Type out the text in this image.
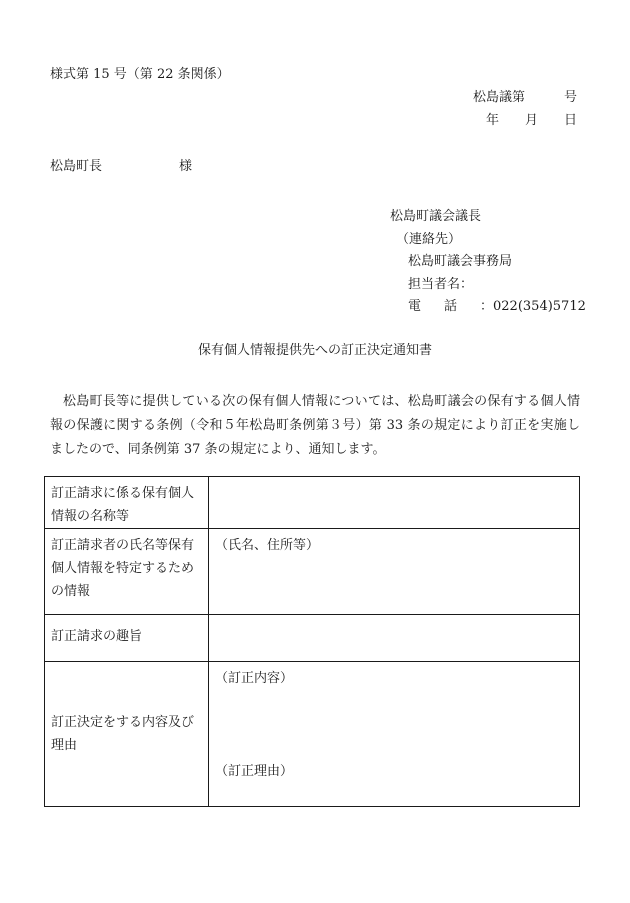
様式第 15 号（第 22 条関係）
松島議第　　　号
年　　月　　日
松島町長	様
松島町議会議長
（連絡先）
松島町議会事務局
担当者名：
電話：022(354)5712
保有個人情報提供先への訂正決定通知書
松島町長等に提供している次の保有個人情報については、松島町議会の保有する個人情報の保護に関する条例（令和５年松島町条例第３号）第 33 条の規定により訂正を実施しましたので、同条例第 37 条の規定により、通知します。
訂正請求に係る保有個人情報の名称等	
訂正請求者の氏名等保有個人情報を特定するための情報	（氏名、住所等）
訂正請求の趣旨	
訂正決定をする内容及び理由	（訂正内容）
（訂正理由）
